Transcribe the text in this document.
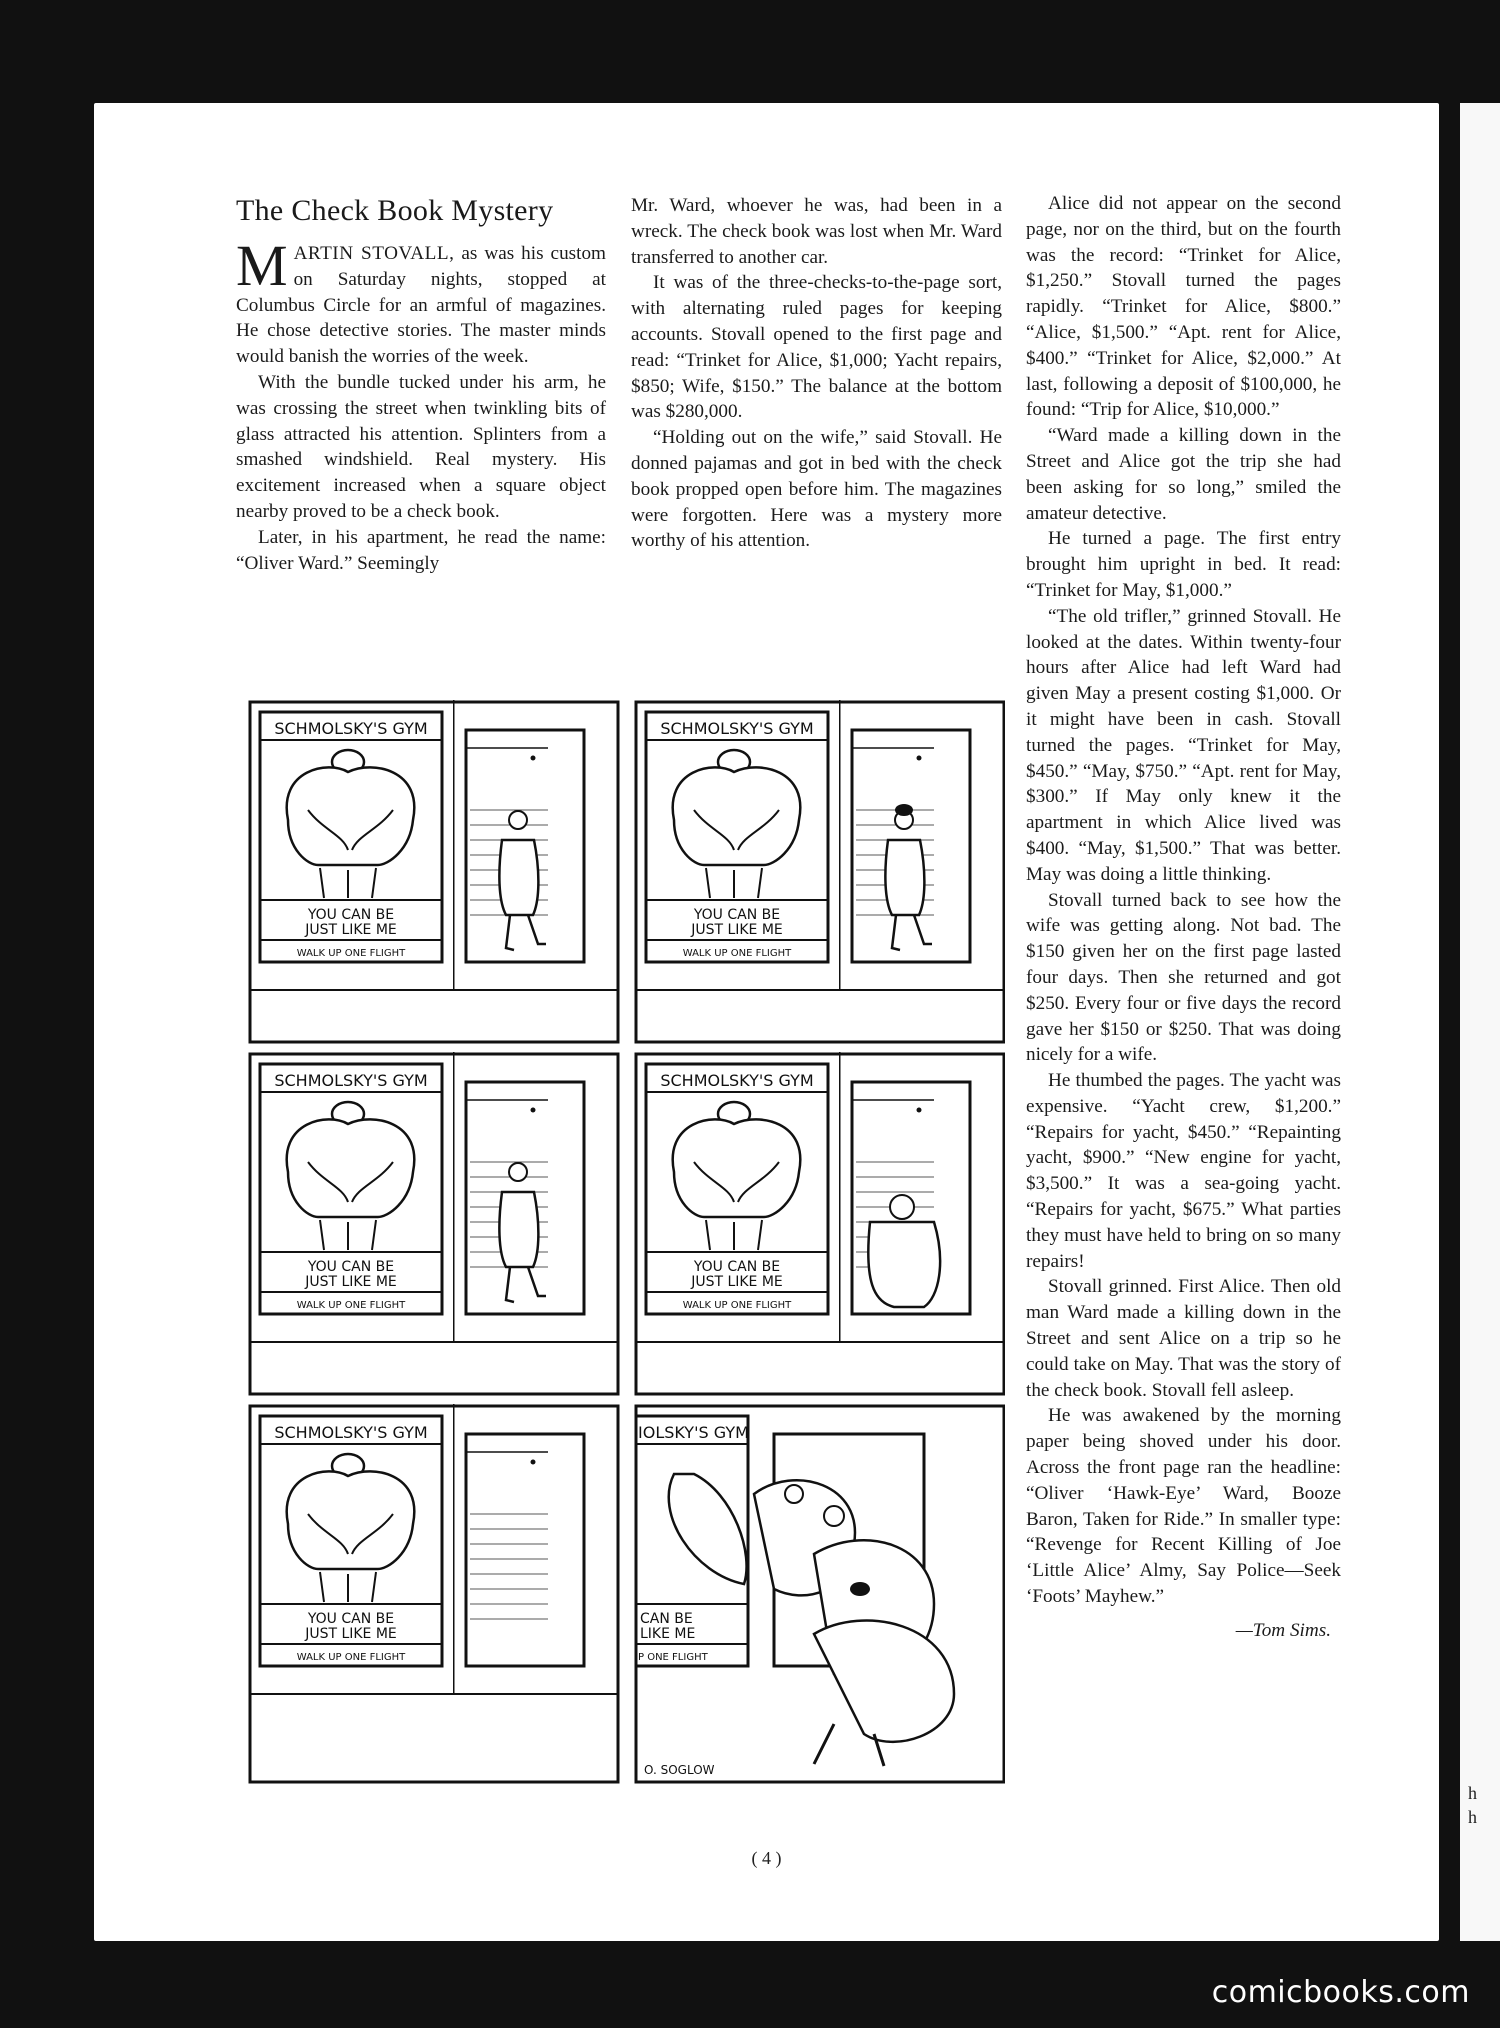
The Check Book Mystery

MARTIN STOVALL, as was his custom on Saturday nights, stopped at Columbus Circle for an armful of magazines. He chose detective stories. The master minds would banish the worries of the week.

With the bundle tucked under his arm, he was crossing the street when twinkling bits of glass attracted his attention. Splinters from a smashed windshield. Real mystery. His excitement increased when a square object nearby proved to be a check book.

Later, in his apartment, he read the name: “Oliver Ward.” Seemingly

Mr. Ward, whoever he was, had been in a wreck. The check book was lost when Mr. Ward transferred to another car.

It was of the three-checks-to-the-page sort, with alternating ruled pages for keeping accounts. Stovall opened to the first page and read: “Trinket for Alice, $1,000; Yacht repairs, $850; Wife, $150.” The balance at the bottom was $280,000.

“Holding out on the wife,” said Stovall. He donned pajamas and got in bed with the check book propped open before him. The magazines were forgotten. Here was a mystery more worthy of his attention.

Alice did not appear on the second page, nor on the third, but on the fourth was the record: “Trinket for Alice, $1,250.” Stovall turned the pages rapidly. “Trinket for Alice, $800.” “Alice, $1,500.” “Apt. rent for Alice, $400.” “Trinket for Alice, $2,000.” At last, following a deposit of $100,000, he found: “Trip for Alice, $10,000.”

“Ward made a killing down in the Street and Alice got the trip she had been asking for so long,” smiled the amateur detective.

He turned a page. The first entry brought him upright in bed. It read: “Trinket for May, $1,000.”

“The old trifler,” grinned Stovall. He looked at the dates. Within twenty-four hours after Alice had left Ward had given May a present costing $1,000. Or it might have been in cash. Stovall turned the pages. “Trinket for May, $450.” “May, $750.” “Apt. rent for May, $300.” If May only knew it the apartment in which Alice lived was $400. “May, $1,500.” That was better. May was doing a little thinking.

Stovall turned back to see how the wife was getting along. Not bad. The $150 given her on the first page lasted four days. Then she returned and got $250. Every four or five days the record gave her $150 or $250. That was doing nicely for a wife.

He thumbed the pages. The yacht was expensive. “Yacht crew, $1,200.” “Repairs for yacht, $450.” “Repainting yacht, $900.” “New engine for yacht, $3,500.” It was a sea-going yacht. “Repairs for yacht, $675.” What parties they must have held to bring on so many repairs!

Stovall grinned. First Alice. Then old man Ward made a killing down in the Street and sent Alice on a trip so he could take on May. That was the story of the check book. Stovall fell asleep.

He was awakened by the morning paper being shoved under his door. Across the front page ran the headline: “Oliver ‘Hawk-Eye’ Ward, Booze Baron, Taken for Ride.” In smaller type: “Revenge for Recent Killing of Joe ‘Little Alice’ Almy, Say Police—Seek ‘Foots’ Mayhew.”

—Tom Sims.
SCHMOLSKY'S GYM
YOU CAN BE
JUST LIKE ME
WALK UP ONE FLIGHT
SCHMOLSKY'S GYM
YOU CAN BE
JUST LIKE ME
WALK UP ONE FLIGHT
SCHMOLSKY'S GYM
YOU CAN BE
JUST LIKE ME
WALK UP ONE FLIGHT
SCHMOLSKY'S GYM
YOU CAN BE
JUST LIKE ME
WALK UP ONE FLIGHT
SCHMOLSKY'S GYM
YOU CAN BE
JUST LIKE ME
WALK UP ONE FLIGHT
IOLSKY'S GYM
CAN BE
LIKE ME
P ONE FLIGHT
O. SOGLOW
( 4 )
h
h
comicbooks.com
